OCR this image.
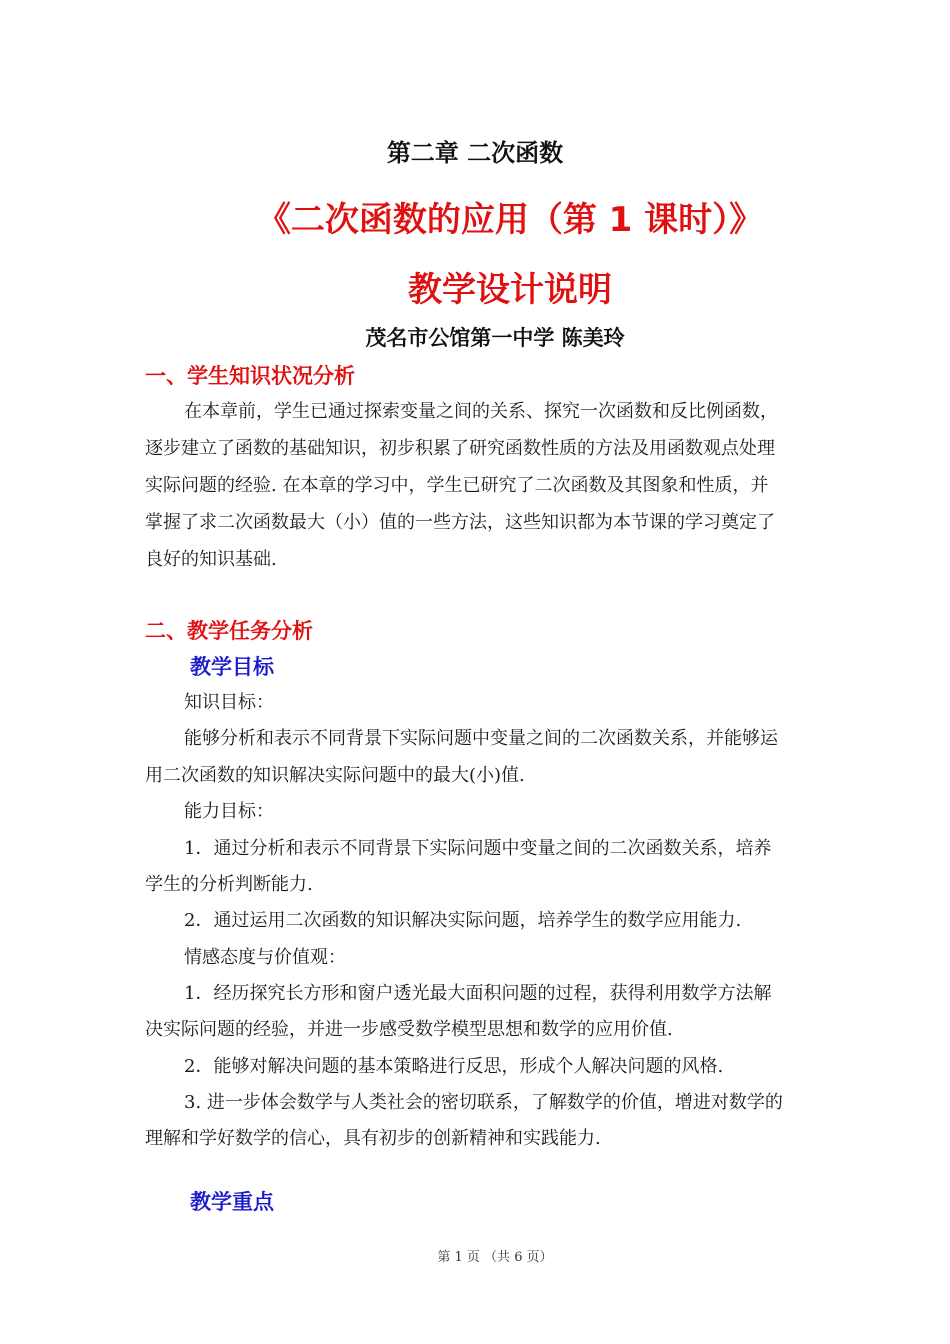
第二章 二次函数
《二次函数的应用（第 1 课时）》
教学设计说明
茂名市公馆第一中学 陈美玲
一、学生知识状况分析
在本章前，学生已通过探索变量之间的关系、探究一次函数和反比例函数，
逐步建立了函数的基础知识，初步积累了研究函数性质的方法及用函数观点处理
实际问题的经验. 在本章的学习中，学生已研究了二次函数及其图象和性质，并
掌握了求二次函数最大（小）值的一些方法，这些知识都为本节课的学习奠定了
良好的知识基础.
二、教学任务分析
教学目标
知识目标：
能够分析和表示不同背景下实际问题中变量之间的二次函数关系，并能够运
用二次函数的知识解决实际问题中的最大(小)值.
能力目标：
1．通过分析和表示不同背景下实际问题中变量之间的二次函数关系，培养
学生的分析判断能力.
2．通过运用二次函数的知识解决实际问题，培养学生的数学应用能力.
情感态度与价值观：
1．经历探究长方形和窗户透光最大面积问题的过程，获得利用数学方法解
决实际问题的经验，并进一步感受数学模型思想和数学的应用价值.
2．能够对解决问题的基本策略进行反思，形成个人解决问题的风格.
3. 进一步体会数学与人类社会的密切联系，了解数学的价值，增进对数学的
理解和学好数学的信心，具有初步的创新精神和实践能力.
教学重点
第 1 页 （共 6 页）
